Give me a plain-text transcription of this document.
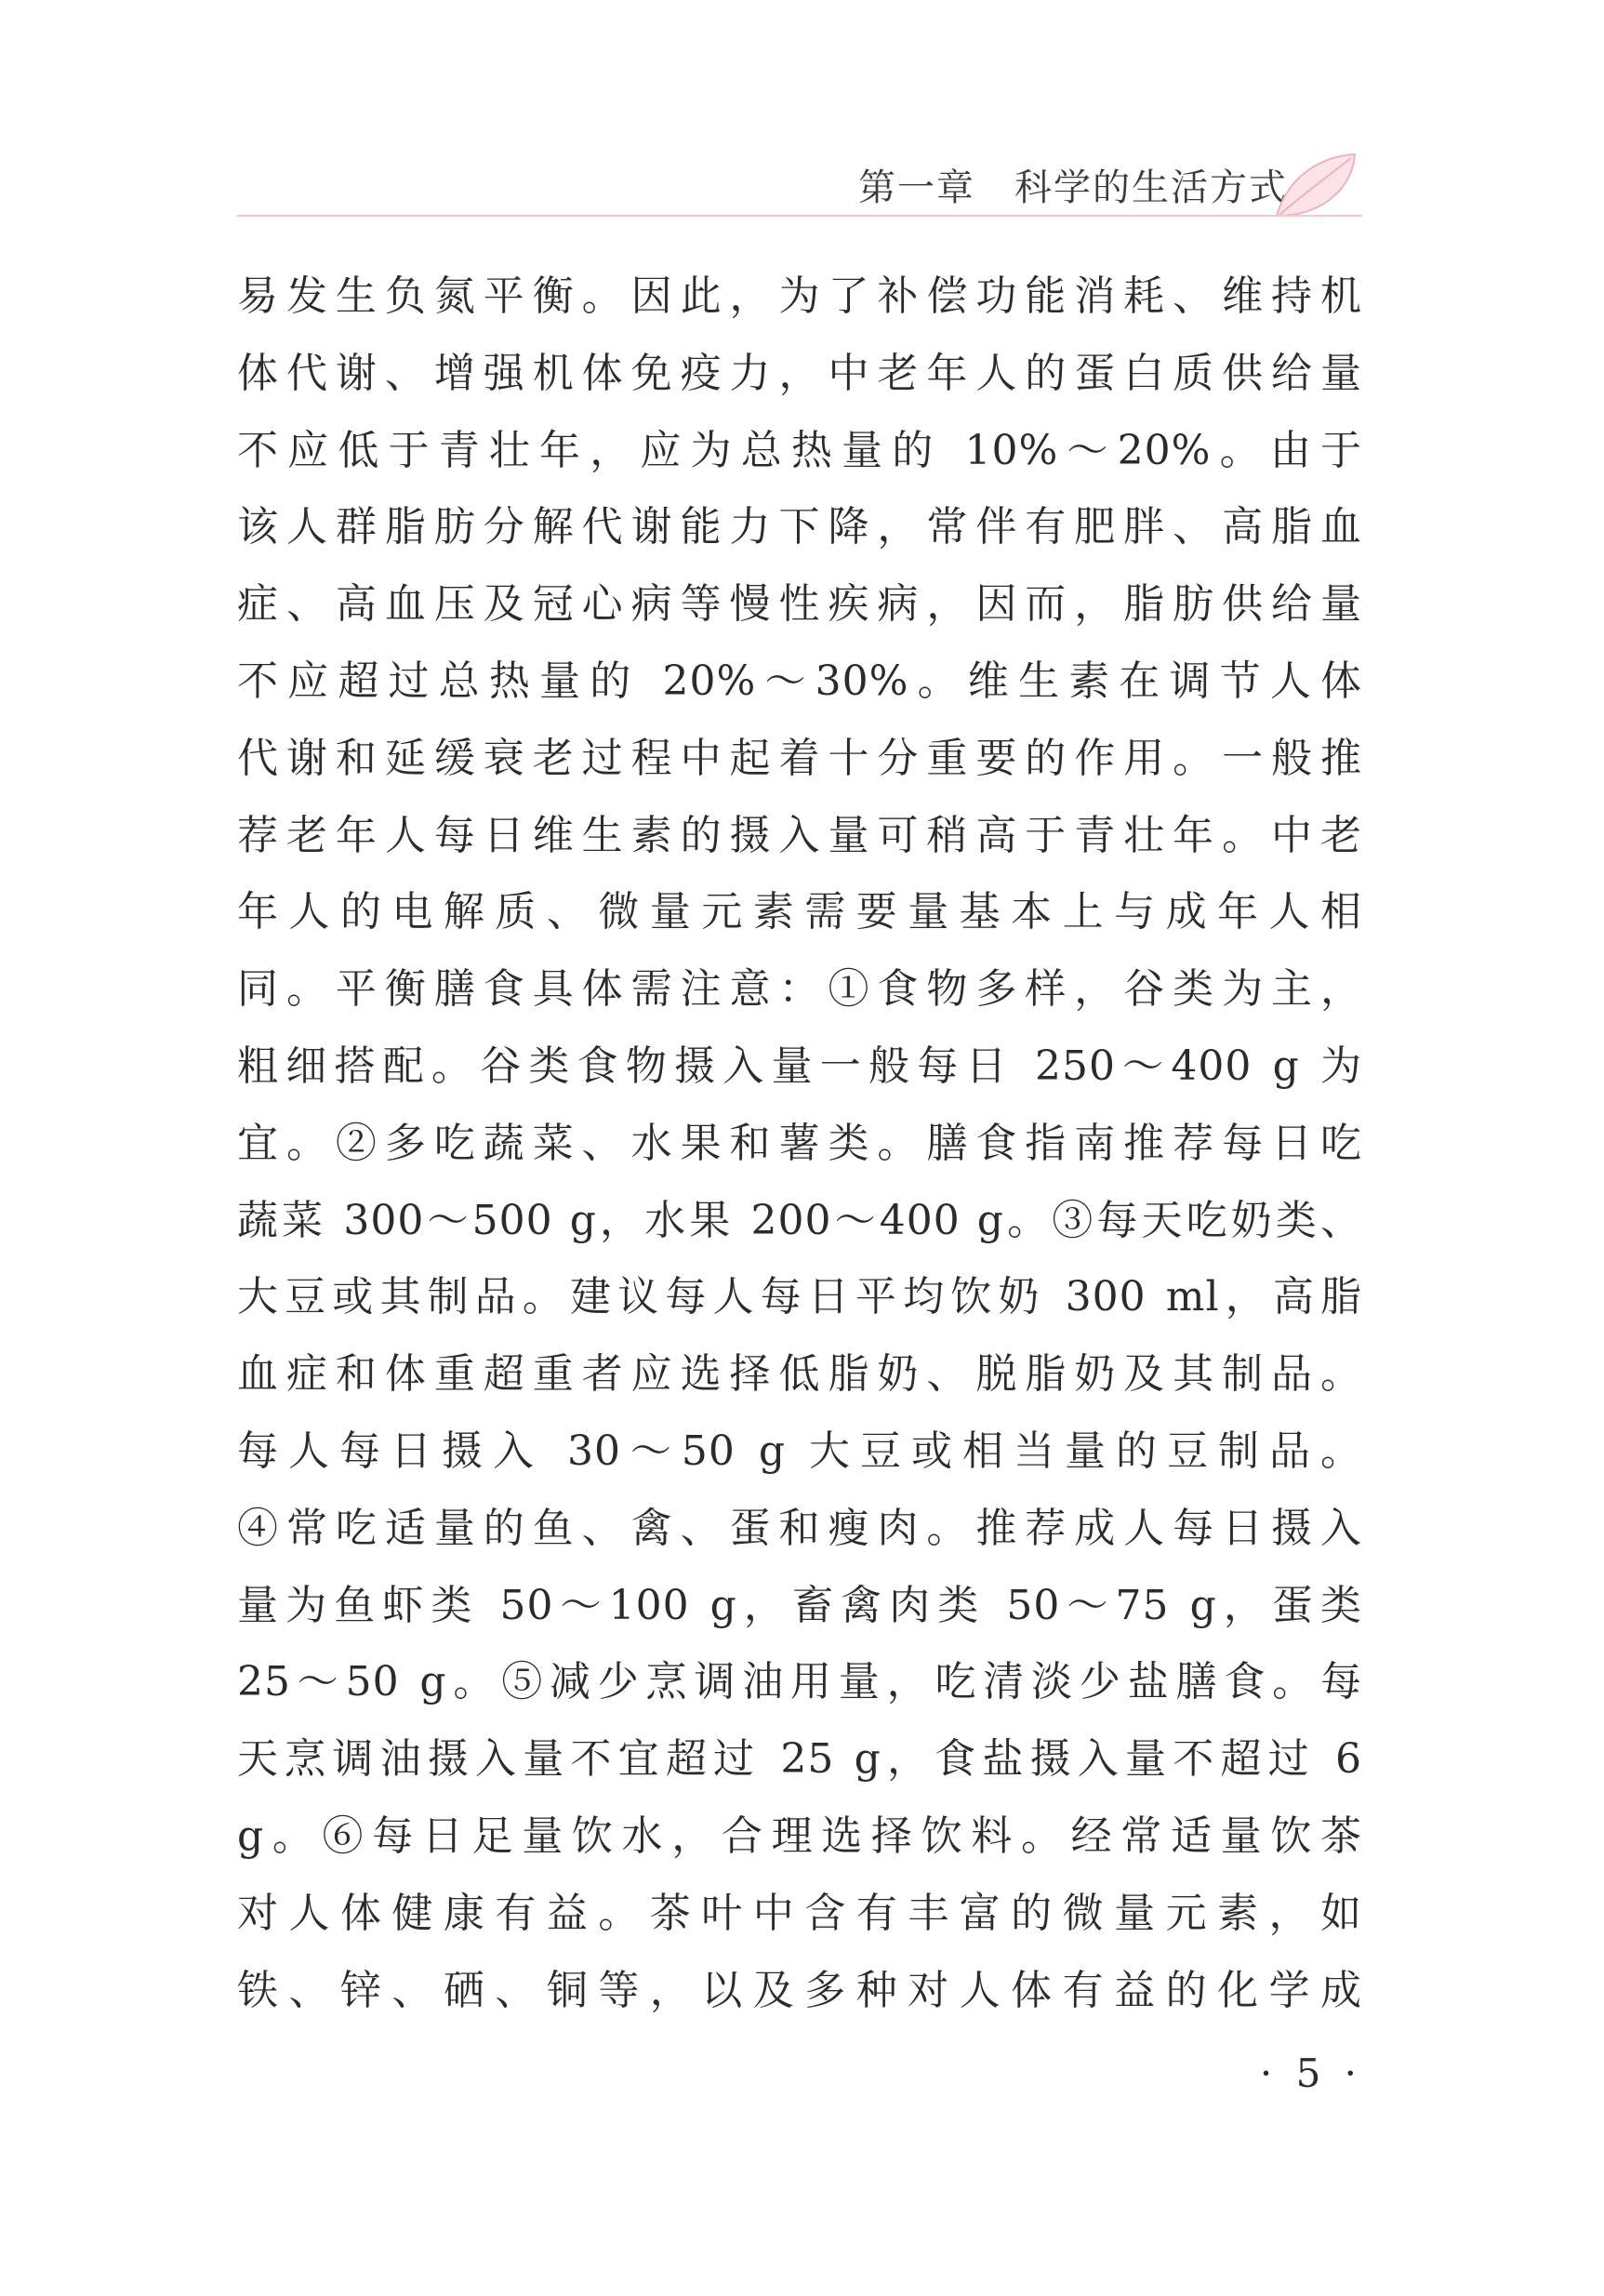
第一章　科学的生活方式
易发生负氮平衡。因此，为了补偿功能消耗、维持机
体代谢、增强机体免疫力，中老年人的蛋白质供给量
不应低于青壮年，应为总热量的 10%～20%。由于
该人群脂肪分解代谢能力下降，常伴有肥胖、高脂血
症、高血压及冠心病等慢性疾病，因而，脂肪供给量
不应超过总热量的 20%～30%。维生素在调节人体
代谢和延缓衰老过程中起着十分重要的作用。一般推
荐老年人每日维生素的摄入量可稍高于青壮年。中老
年人的电解质、微量元素需要量基本上与成年人相
同。平衡膳食具体需注意：①食物多样，谷类为主，
粗细搭配。谷类食物摄入量一般每日 250～400 g 为
宜。②多吃蔬菜、水果和薯类。膳食指南推荐每日吃
蔬菜 300～500 g，水果 200～400 g。③每天吃奶类、
大豆或其制品。建议每人每日平均饮奶 300 ml，高脂
血症和体重超重者应选择低脂奶、脱脂奶及其制品。
每人每日摄入 30～50 g 大豆或相当量的豆制品。
④常吃适量的鱼、禽、蛋和瘦肉。推荐成人每日摄入
量为鱼虾类 50～100 g，畜禽肉类 50～75 g，蛋类
25～50 g。⑤减少烹调油用量，吃清淡少盐膳食。每
天烹调油摄入量不宜超过 25 g，食盐摄入量不超过 6
g。⑥每日足量饮水，合理选择饮料。经常适量饮茶
对人体健康有益。茶叶中含有丰富的微量元素，如
铁、锌、硒、铜等，以及多种对人体有益的化学成
· 5 ·
